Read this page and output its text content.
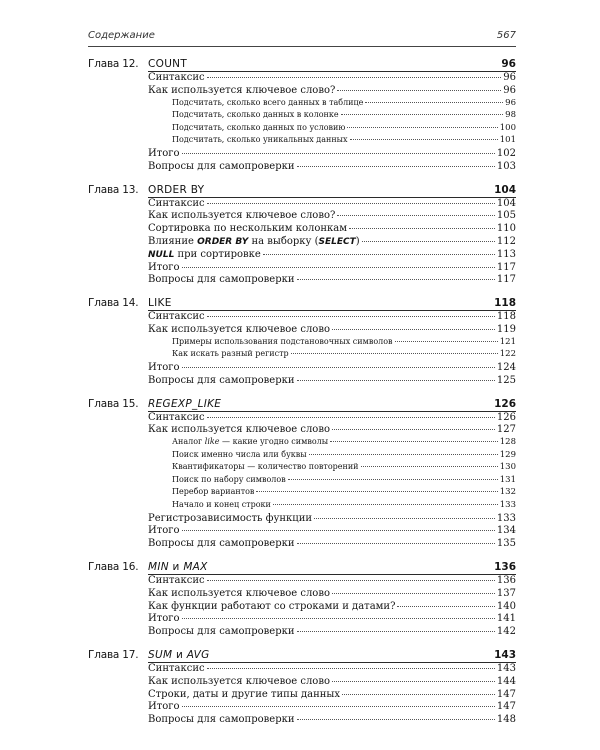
Содержание	567
Глава 12. COUNT	96
Синтаксис	96
Как используется ключевое слово?	96
Подсчитать, сколько всего данных в таблице	96
Подсчитать, сколько данных в колонке	98
Подсчитать, сколько данных по условию	100
Подсчитать, сколько уникальных данных	101
Итого	102
Вопросы для самопроверки	103
Глава 13. ORDER BY	104
Синтаксис	104
Как используется ключевое слово?	105
Сортировка по нескольким колонкам	110
Влияние ORDER BY на выборку (SELECT)	112
NULL при сортировке	113
Итого	117
Вопросы для самопроверки	117
Глава 14. LIKE	118
Синтаксис	118
Как используется ключевое слово	119
Примеры использования подстановочных символов	121
Как искать разный регистр	122
Итого	124
Вопросы для самопроверки	125
Глава 15. REGEXP_LIKE	126
Синтаксис	126
Как используется ключевое слово	127
Аналог like — какие угодно символы	128
Поиск именно числа или буквы	129
Квантификаторы — количество повторений	130
Поиск по набору символов	131
Перебор вариантов	132
Начало и конец строки	133
Регистрозависимость функции	133
Итого	134
Вопросы для самопроверки	135
Глава 16. MIN и MAX	136
Синтаксис	136
Как используется ключевое слово	137
Как функции работают со строками и датами?	140
Итого	141
Вопросы для самопроверки	142
Глава 17. SUM и AVG	143
Синтаксис	143
Как используется ключевое слово	144
Строки, даты и другие типы данных	147
Итого	147
Вопросы для самопроверки	148
